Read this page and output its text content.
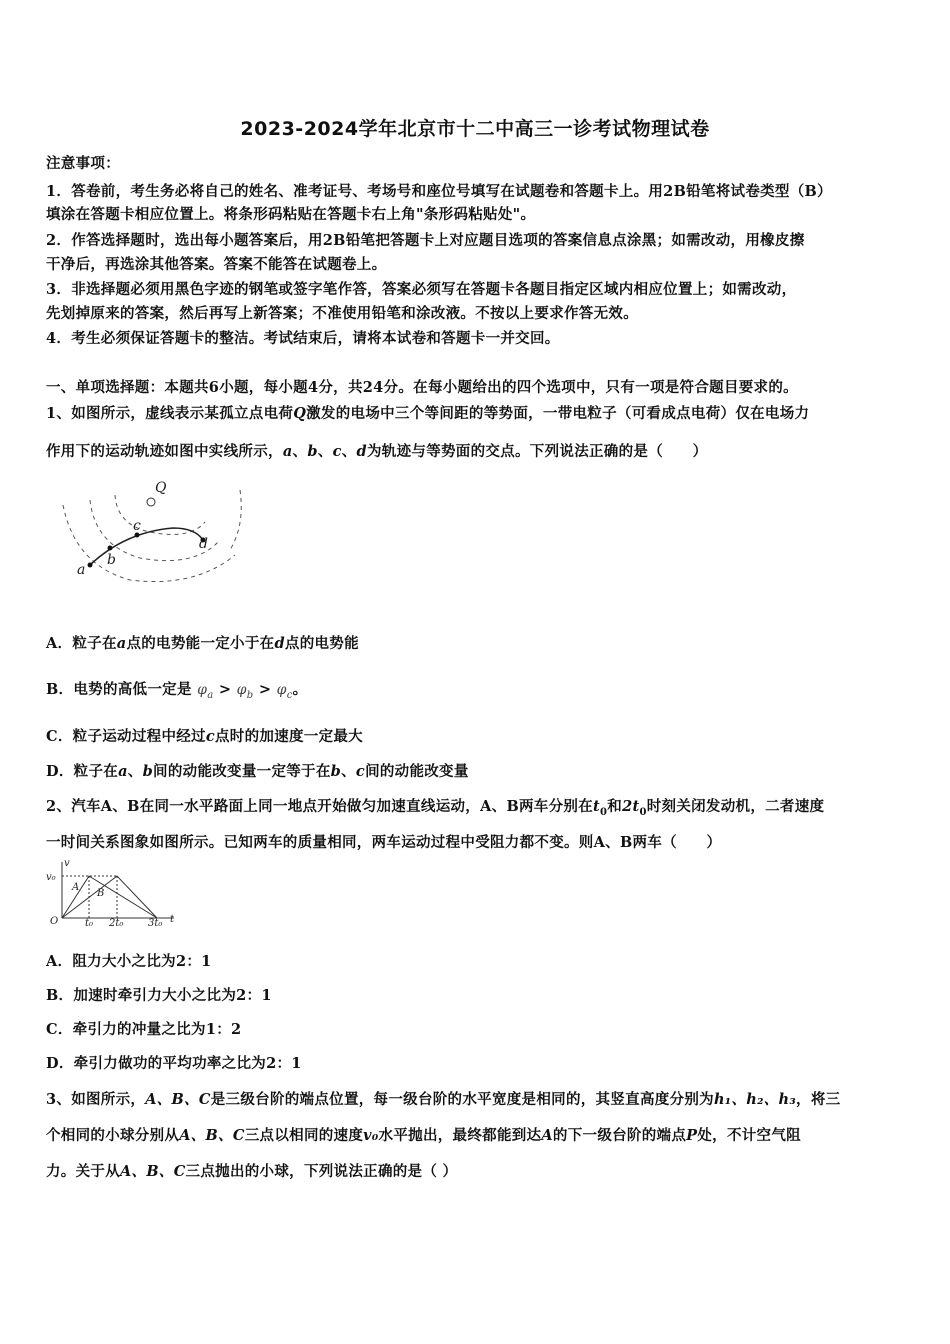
2023-2024学年北京市十二中高三一诊考试物理试卷
注意事项：
1．答卷前，考生务必将自己的姓名、准考证号、考场号和座位号填写在试题卷和答题卡上。用2B铅笔将试卷类型（B）
填涂在答题卡相应位置上。将条形码粘贴在答题卡右上角"条形码粘贴处"。
2．作答选择题时，选出每小题答案后，用2B铅笔把答题卡上对应题目选项的答案信息点涂黑；如需改动，用橡皮擦
干净后，再选涂其他答案。答案不能答在试题卷上。
3．非选择题必须用黑色字迹的钢笔或签字笔作答，答案必须写在答题卡各题目指定区域内相应位置上；如需改动，
先划掉原来的答案，然后再写上新答案；不准使用铅笔和涂改液。不按以上要求作答无效。
4．考生必须保证答题卡的整洁。考试结束后，请将本试卷和答题卡一并交回。
一、单项选择题：本题共6小题，每小题4分，共24分。在每小题给出的四个选项中，只有一项是符合题目要求的。
1、如图所示，虚线表示某孤立点电荷Q激发的电场中三个等间距的等势面，一带电粒子（可看成点电荷）仅在电场力
作用下的运动轨迹如图中实线所示，a、b、c、d为轨迹与等势面的交点。下列说法正确的是（　　）
Q
a
b
c
d
A．粒子在a点的电势能一定小于在d点的电势能
B．电势的高低一定是 $\varphi_a > \varphi_b > \varphi_c$。
C．粒子运动过程中经过c点时的加速度一定最大
D．粒子在a、b间的动能改变量一定等于在b、c间的动能改变量
2、汽车A、B在同一水平路面上同一地点开始做匀加速直线运动，A、B两车分别在$t_0$和$2t_0$时刻关闭发动机，二者速度
一时间关系图象如图所示。已知两车的质量相同，两车运动过程中受阻力都不变。则A、B两车（　　）
v
v₀
O
A
B
t₀ 2t₀ 3t₀ t
A．阻力大小之比为2：1
B．加速时牵引力大小之比为2：1
C．牵引力的冲量之比为1：2
D．牵引力做功的平均功率之比为2：1
3、如图所示，A、B、C是三级台阶的端点位置，每一级台阶的水平宽度是相同的，其竖直高度分别为h₁、h₂、h₃，将三
个相同的小球分别从A、B、C三点以相同的速度v₀水平抛出，最终都能到达A的下一级台阶的端点P处，不计空气阻
力。关于从A、B、C三点抛出的小球，下列说法正确的是（ ）
